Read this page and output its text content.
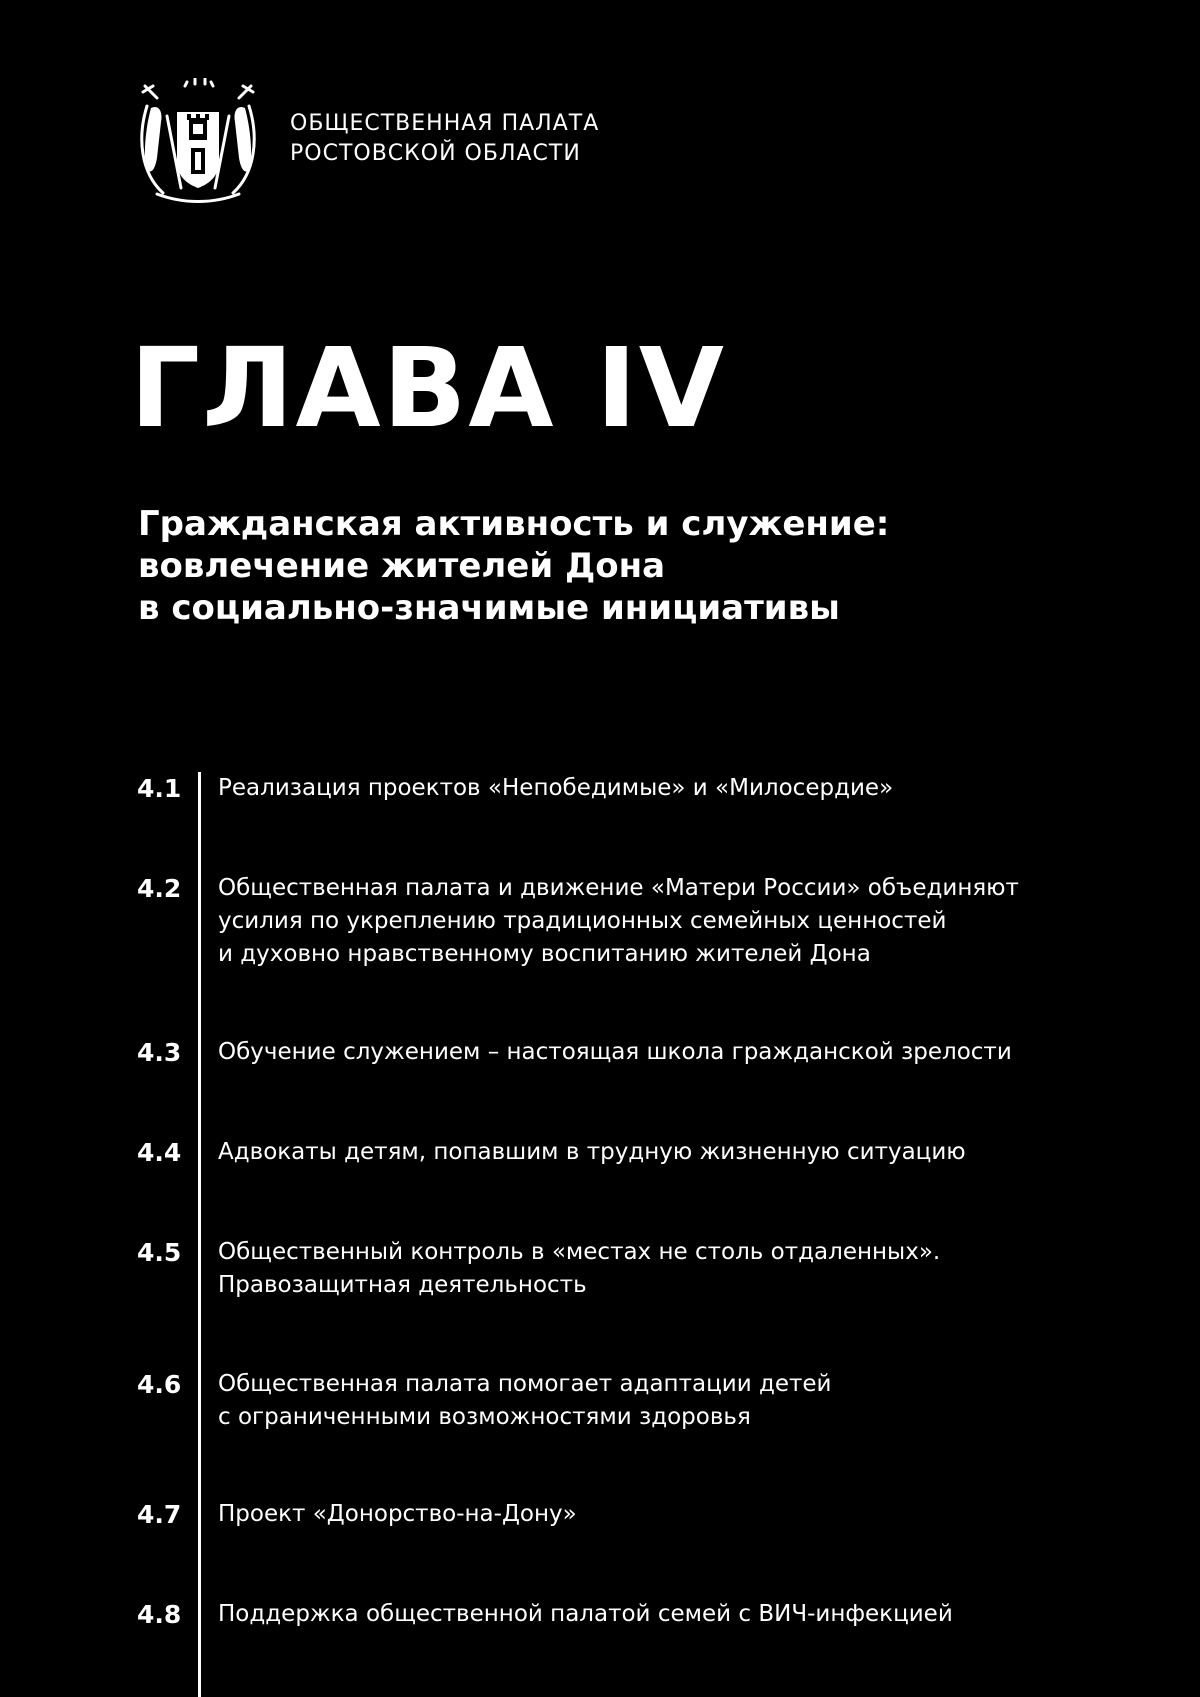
ОБЩЕСТВЕННАЯ ПАЛАТА
РОСТОВСКОЙ ОБЛАСТИ
ГЛАВА IV
Гражданская активность и служение:
вовлечение жителей Дона
в социально-значимые инициативы
4.1 Реализация проектов «Непобедимые» и «Милосердие»
4.2 Общественная палата и движение «Матери России» объединяют
усилия по укреплению традиционных семейных ценностей
и духовно нравственному воспитанию жителей Дона
4.3 Обучение служением – настоящая школа гражданской зрелости
4.4 Адвокаты детям, попавшим в трудную жизненную ситуацию
4.5 Общественный контроль в «местах не столь отдаленных».
Правозащитная деятельность
4.6 Общественная палата помогает адаптации детей
с ограниченными возможностями здоровья
4.7 Проект «Донорство-на-Дону»
4.8 Поддержка общественной палатой семей с ВИЧ-инфекцией
